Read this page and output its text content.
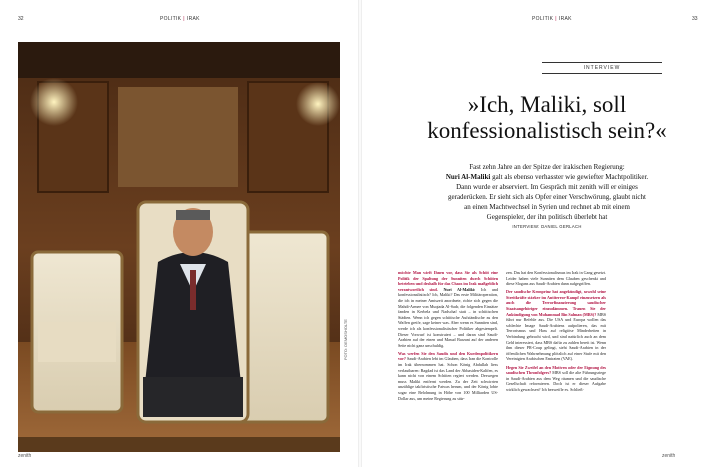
32	POLITIK | IRAK
FOTO: DEMOSHOLTE
zenith
POLITIK | IRAK	33
INTERVIEW
»Ich, Maliki, soll
konfessionalistisch sein?«
Fast zehn Jahre an der Spitze der irakischen Regierung:
Nuri Al-Maliki galt als ebenso verhasster wie gewiefter Machtpolitiker.
Dann wurde er abserviert. Im Gespräch mit zenith will er einiges
geraderücken. Er sieht sich als Opfer einer Verschwörung, glaubt nicht
an einen Machtwechsel in Syrien und rechnet ab mit einem
Gegenspieler, der ihn politisch überlebt hat
INTERVIEW: DANIEL GERLACH

möchte Man wirft Ihnen vor, dass Sie als Schiit eine Politik der Spaltung der Sunniten durch Schiiten betrieben und deshalb für das Chaos im Irak maßgeblich verantwortlich sind. Nuri Al-Maliki: Ich und konfessionalistisch? Ich, Maliki? Das erste Militäroperation, die ich in meiner Amtszeit anordnete, richte sich gegen die Mahdi-Armee von Muqtada Al-Sadr, die folgenden Einsätze fanden in Kerbela und Nadschaf statt – in schiitischen Städten. Wenn ich gegen schiitische Aufständische zu den Waffen greife, sage keiner was. Aber wenn es Sunniten sind, werde ich als konfessionalistischer Politiker abgestempelt. Dieser Vorwurf ist konstruiert – und daran sind Saudi-Arabien auf der einen und Masud Barzani auf der anderen Seite nicht ganz unschuldig.

Was werfen Sie den Saudis und den Kurdenpolitikern vor? Saudi-Arabien lebt im Glauben, dass Iran die Kontrolle im Irak übernommen hat. Schon König Abdullah liess verlautbaren: Bagdad ist das Land der Abbasiden-Kalifen, es kann nicht von einem Schiiten regiert werden. Deswegen muss Maliki entfernt werden. Zu der Zeit schwirrten unzählige takfiristische Fatwas herum, und der König lobte sogar eine Belohnung in Höhe von 100 Milliarden US-Dollar aus, um meine Regierung zu stür-

zen. Das hat den Konfessionalismus im Irak in Gang gesetzt. Leider haben viele Sunniten dem Glauben geschenkt und diese Slogans aus Saudi-Arabien dann aufgegriffen.

Der saudische Kronprinz hat angekündigt, sowohl seine Streitkräfte stärker im Antiterror-Kampf einzusetzen als auch die Terrorfinanzierung saudischer Staatsangehöriger einzudämmen. Trauen Sie der Ankündigung von Muhammad Bin Salman (MBS)? MBS führt nur Befehle aus. Die USA und Europa wollen das schlechte Image Saudi-Arabiens aufpolieren, das mit Terrorismus und Hass auf religiöse Minderheiten in Verbindung gebracht wird, und sind natürlich auch an dem Geld interessiert, dass MBS dafür zu zahlen bereit ist. Wenn ihm dieser PR-Coup gelingt, steht Saudi-Arabien in der öffentlichen Wahrnehmung plötzlich auf einer Stufe mit den Vereinigten Arabischen Emiraten (VAE).

Hegen Sie Zweifel an den Motiven oder der Eignung des saudischen Thronfolgers? MBS soll die alte Führungsriege in Saudi-Arabien aus dem Weg räumen und die saudische Gesellschaft reformieren. Doch ist er dieser Aufgabe wirklich gewachsen? Ich bezweifle es. Schließ-

zenith
